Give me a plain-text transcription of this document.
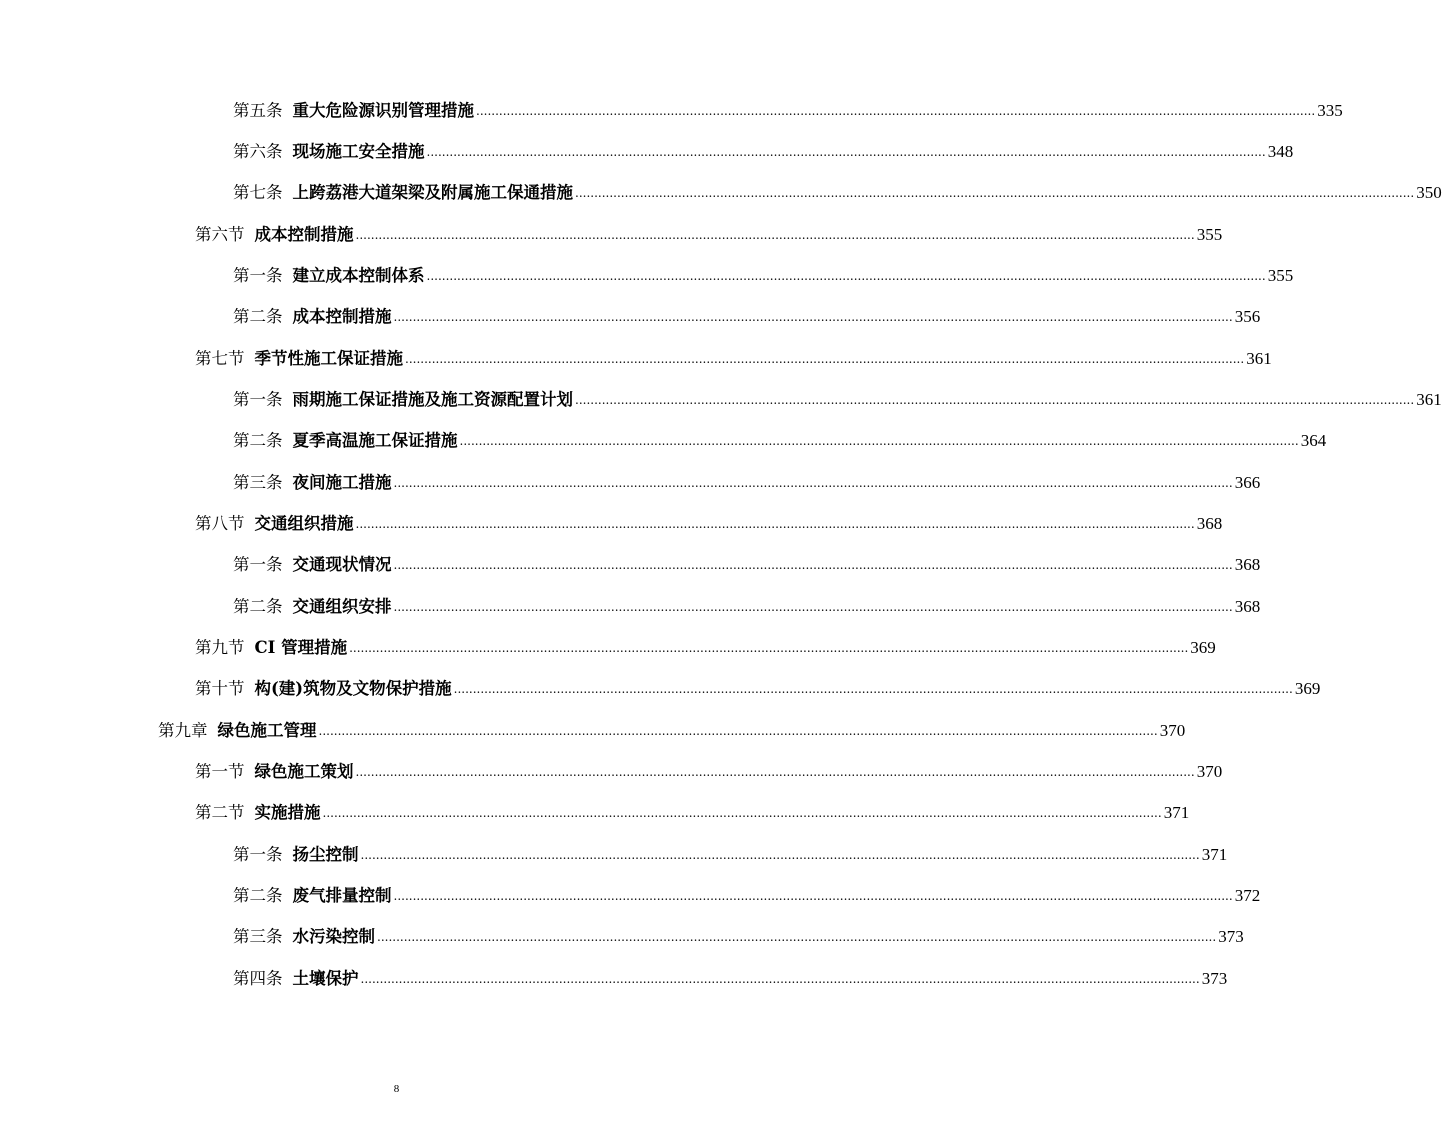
第五条 重大危险源识别管理措施 ............................................................................................................................................................................................................................ 335
第六条 现场施工安全措施 ............................................................................................................................................................................................................................ 348
第七条 上跨荔港大道架梁及附属施工保通措施 ............................................................................................................................................................................................................................ 350
第六节 成本控制措施 ............................................................................................................................................................................................................................ 355
第一条 建立成本控制体系 ............................................................................................................................................................................................................................ 355
第二条 成本控制措施 ............................................................................................................................................................................................................................ 356
第七节 季节性施工保证措施 ............................................................................................................................................................................................................................ 361
第一条 雨期施工保证措施及施工资源配置计划 ............................................................................................................................................................................................................................ 361
第二条 夏季高温施工保证措施 ............................................................................................................................................................................................................................ 364
第三条 夜间施工措施 ............................................................................................................................................................................................................................ 366
第八节 交通组织措施 ............................................................................................................................................................................................................................ 368
第一条 交通现状情况 ............................................................................................................................................................................................................................ 368
第二条 交通组织安排 ............................................................................................................................................................................................................................ 368
第九节 CI 管理措施 ............................................................................................................................................................................................................................ 369
第十节 构(建)筑物及文物保护措施 ............................................................................................................................................................................................................................ 369
第九章 绿色施工管理 ............................................................................................................................................................................................................................ 370
第一节 绿色施工策划 ............................................................................................................................................................................................................................ 370
第二节 实施措施 ............................................................................................................................................................................................................................ 371
第一条 扬尘控制 ............................................................................................................................................................................................................................ 371
第二条 废气排量控制 ............................................................................................................................................................................................................................ 372
第三条 水污染控制 ............................................................................................................................................................................................................................ 373
第四条 土壤保护 ............................................................................................................................................................................................................................ 373
8
